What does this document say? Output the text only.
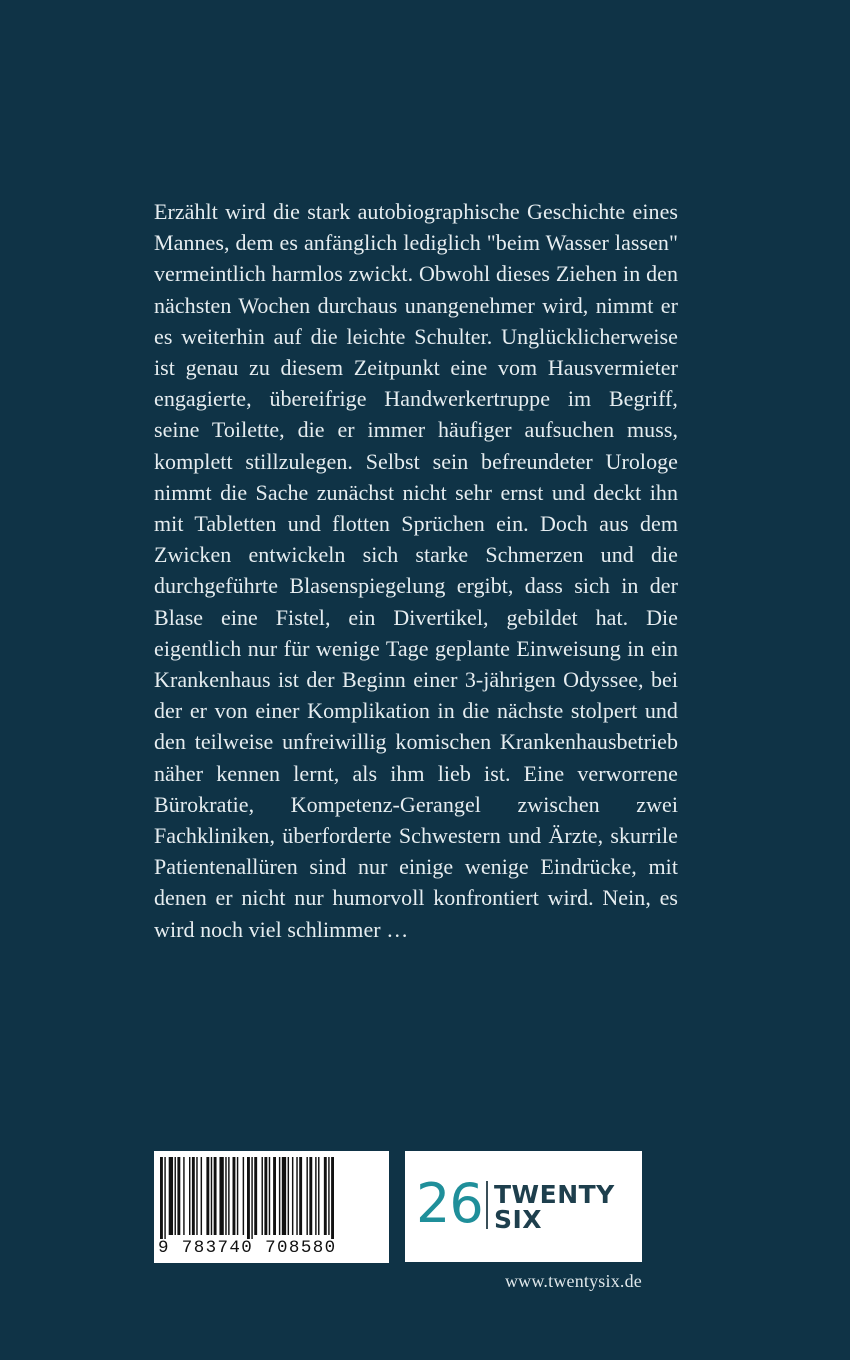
Erzählt wird die stark autobiographische Geschichte eines Mannes, dem es anfänglich lediglich "beim Wasser lassen" vermeintlich harmlos zwickt. Obwohl dieses Ziehen in den nächsten Wochen durchaus unangenehmer wird, nimmt er es weiterhin auf die leichte Schulter. Unglücklicherweise ist genau zu diesem Zeitpunkt eine vom Hausvermieter engagierte, übereifrige Handwerkertruppe im Begriff, seine Toilette, die er immer häufiger aufsuchen muss, komplett stillzulegen. Selbst sein befreundeter Urologe nimmt die Sache zunächst nicht sehr ernst und deckt ihn mit Tabletten und flotten Sprüchen ein. Doch aus dem Zwicken entwickeln sich starke Schmerzen und die durchgeführte Blasenspiegelung ergibt, dass sich in der Blase eine Fistel, ein Divertikel, gebildet hat. Die eigentlich nur für wenige Tage geplante Einweisung in ein Krankenhaus ist der Beginn einer 3-jährigen Odyssee, bei der er von einer Komplikation in die nächste stolpert und den teilweise unfreiwillig komischen Krankenhausbetrieb näher kennen lernt, als ihm lieb ist. Eine verworrene Bürokratie, Kompetenz-Gerangel zwischen zwei Fachkliniken, überforderte Schwestern und Ärzte, skurrile Patientenallüren sind nur einige wenige Eindrücke, mit denen er nicht nur humorvoll konfrontiert wird. Nein, es wird noch viel schlimmer …

9 783740 708580
26 TWENTY
SIX
www.twentysix.de
